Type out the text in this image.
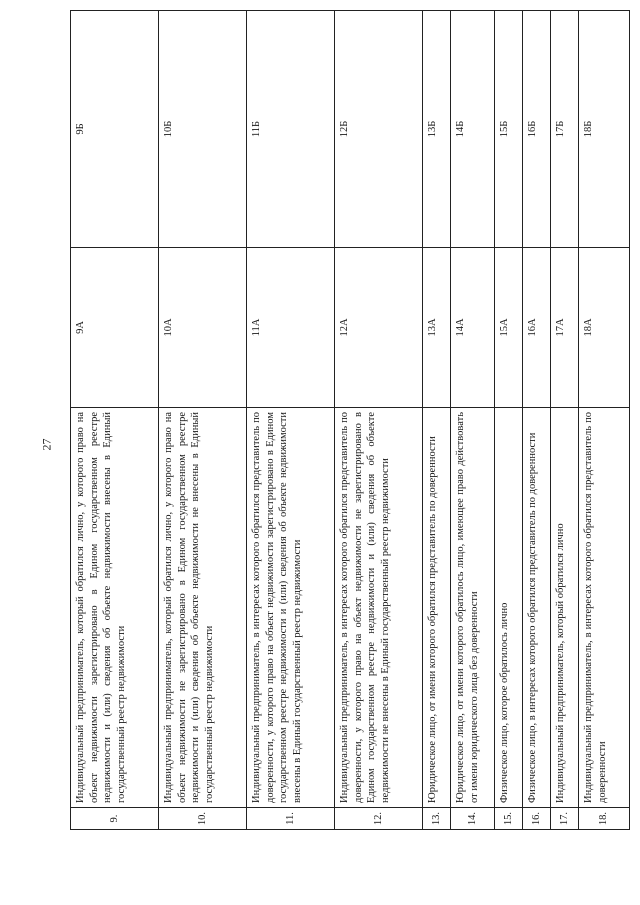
27
9.	Индивидуальный предприниматель, который обратился лично, у которого право на объект недвижимости зарегистрировано в Едином государственном реестре недвижимости и (или) сведения об объекте недвижимости внесены в Единый государственный реестр недвижимости	9А	9Б
10.	Индивидуальный предприниматель, который обратился лично, у которого право на объект недвижимости не зарегистрировано в Едином государственном реестре недвижимости и (или) сведения об объекте недвижимости не внесены в Единый государственный реестр недвижимости	10А	10Б
11.	Индивидуальный предприниматель, в интересах которого обратился представитель по доверенности, у которого право на объект недвижимости зарегистрировано в Едином государственном реестре недвижимости и (или) сведения об объекте недвижимости внесены в Единый государственный реестр недвижимости	11А	11Б
12.	Индивидуальный предприниматель, в интересах которого обратился представитель по доверенности, у которого право на объект недвижимости не зарегистрировано в Едином государственном реестре недвижимости и (или) сведения об объекте недвижимости не внесены в Единый государственный реестр недвижимости	12А	12Б
13.	Юридическое лицо, от имени которого обратился представитель по доверенности	13А	13Б
14.	Юридическое лицо, от имени которого обратилось лицо, имеющее право действовать от имени юридического лица без доверенности	14А	14Б
15.	Физическое лицо, которое обратилось лично	15А	15Б
16.	Физическое лицо, в интересах которого обратился представитель по доверенности	16А	16Б
17.	Индивидуальный предприниматель, который обратился лично	17А	17Б
18.	Индивидуальный предприниматель, в интересах которого обратился представитель по доверенности	18А	18Б
